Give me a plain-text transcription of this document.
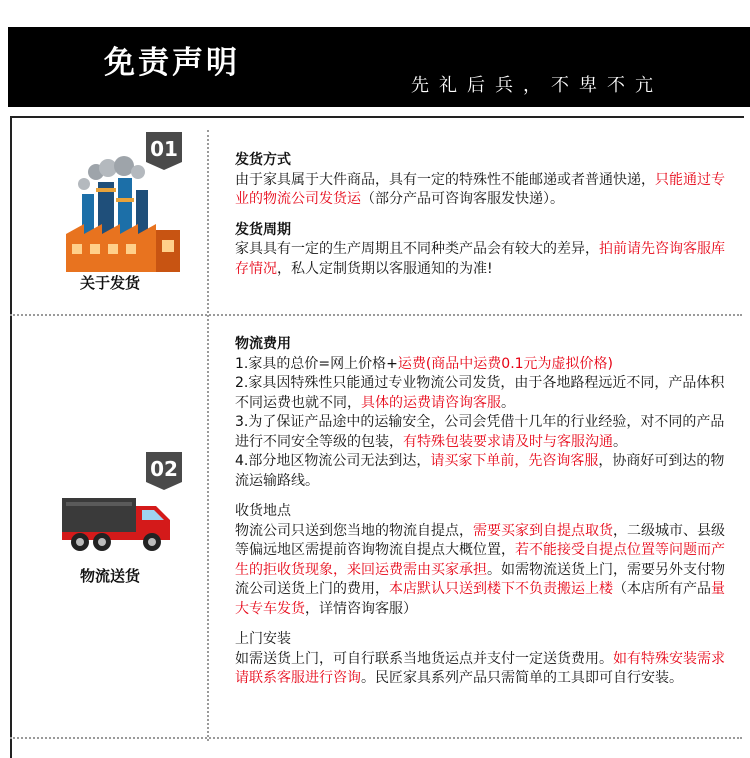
免责声明
先礼后兵，不卑不亢
01
关于发货
02
物流送货
发货方式
由于家具属于大件商品，具有一定的特殊性不能邮递或者普通快递，只能通过专业的物流公司发货运（部分产品可咨询客服发快递）。
发货周期
家具具有一定的生产周期且不同种类产品会有较大的差异，拍前请先咨询客服库存情况，私人定制货期以客服通知的为准!
物流费用
1.家具的总价=网上价格+运费(商品中运费0.1元为虚拟价格)
2.家具因特殊性只能通过专业物流公司发货，由于各地路程远近不同，产品体积不同运费也就不同，具体的运费请咨询客服。
3.为了保证产品途中的运输安全，公司会凭借十几年的行业经验，对不同的产品进行不同安全等级的包装，有特殊包装要求请及时与客服沟通。
4.部分地区物流公司无法到达，请买家下单前，先咨询客服，协商好可到达的物流运输路线。
收货地点
物流公司只送到您当地的物流自提点，需要买家到自提点取货，二级城市、县级等偏远地区需提前咨询物流自提点大概位置，若不能接受自提点位置等问题而产生的拒收货现象，来回运费需由买家承担。如需物流送货上门，需要另外支付物流公司送货上门的费用，本店默认只送到楼下不负责搬运上楼（本店所有产品量大专车发货，详情咨询客服）
上门安装
如需送货上门，可自行联系当地货运点并支付一定送货费用。如有特殊安装需求请联系客服进行咨询。民匠家具系列产品只需简单的工具即可自行安装。
